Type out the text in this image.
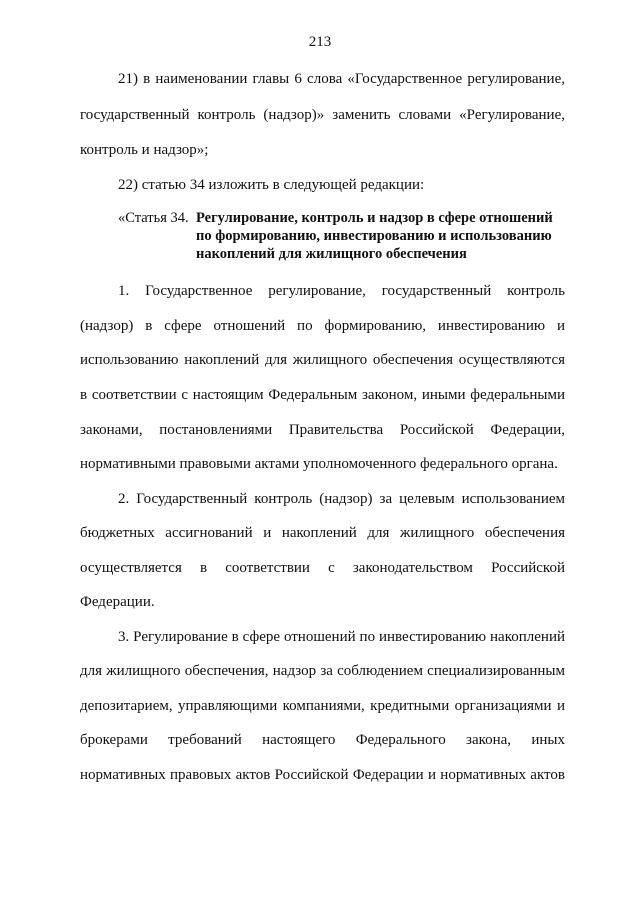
213
21) в наименовании главы 6 слова «Государственное регулирование,
государственный контроль (надзор)» заменить словами «Регулирование,
контроль и надзор»;
22) статью 34 изложить в следующей редакции:
«Статья 34. Регулирование, контроль и надзор в сфере отношений
по формированию, инвестированию и использованию
накоплений для жилищного обеспечения
1. Государственное регулирование, государственный контроль
(надзор) в сфере отношений по формированию, инвестированию и
использованию накоплений для жилищного обеспечения осуществляются
в соответствии с настоящим Федеральным законом, иными федеральными
законами, постановлениями Правительства Российской Федерации,
нормативными правовыми актами уполномоченного федерального органа.
2. Государственный контроль (надзор) за целевым использованием
бюджетных ассигнований и накоплений для жилищного обеспечения
осуществляется в соответствии с законодательством Российской
Федерации.
3. Регулирование в сфере отношений по инвестированию накоплений
для жилищного обеспечения, надзор за соблюдением специализированным
депозитарием, управляющими компаниями, кредитными организациями и
брокерами требований настоящего Федерального закона, иных
нормативных правовых актов Российской Федерации и нормативных актов
